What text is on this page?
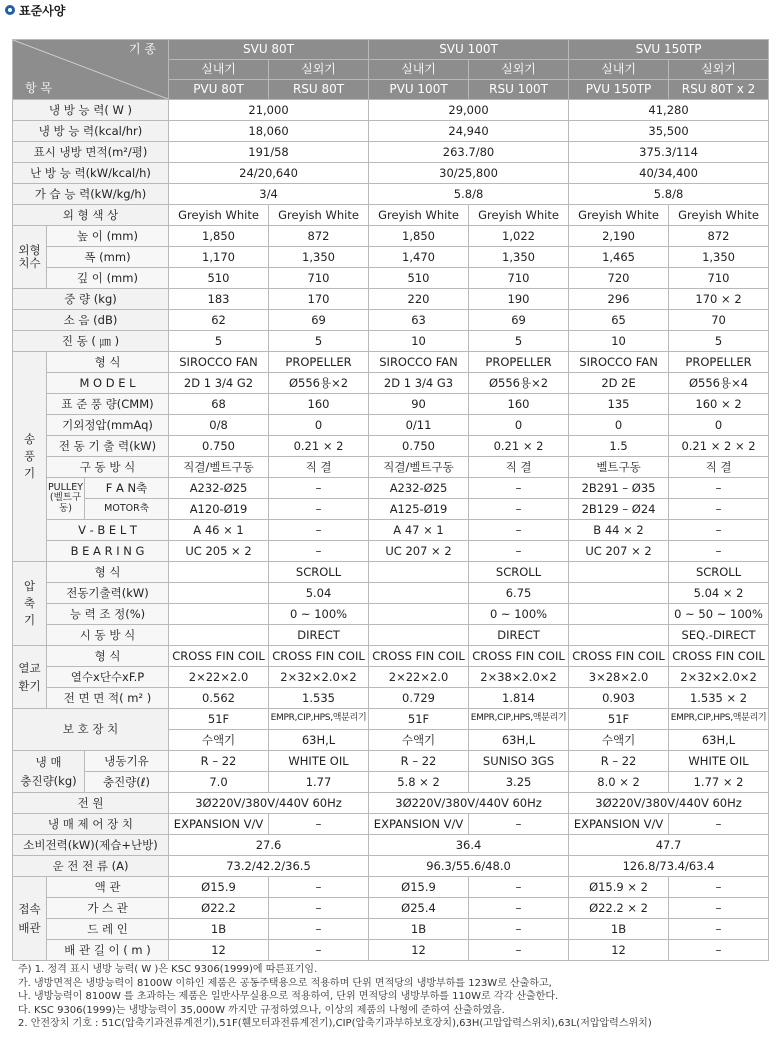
표준사양
기 종
항 목			SVU 80T		SVU 100T		SVU 150TP	
			실내기	실외기	실내기	실외기	실내기	실외기
			PVU 80T	RSU 80T	PVU 100T	RSU 100T	PVU 150TP	RSU 80T x 2
냉 방 능 력( W )			21,000		29,000		41,280	
냉 방 능 력(kcal/hr)			18,060		24,940		35,500	
표시 냉방 면적(m²/평)			191/58		263.7/80		375.3/114	
난 방 능 력(kW/kcal/h)			24/20,640		30/25,800		40/34,400	
가 습 능 력(kW/kg/h)			3/4		5.8/8		5.8/8	
외 형 색 상			Greyish White	Greyish White	Greyish White	Greyish White	Greyish White	Greyish White
외형
치수	높 이 (mm)		1,850	872	1,850	1,022	2,190	872
	폭 (mm)		1,170	1,350	1,470	1,350	1,465	1,350
	깊 이 (mm)		510	710	510	710	720	710
중 량 (kg)			183	170	220	190	296	170 × 2
소 음 (dB)			62	69	63	69	65	70
진 동 ( ㎛ )			5	5	10	5	10	5
송
풍
기	형 식		SIROCCO FAN	PROPELLER	SIROCCO FAN	PROPELLER	SIROCCO FAN	PROPELLER
	M O D E L		2D 1 3/4 G2	Ø556용×2	2D 1 3/4 G3	Ø556용×2	2D 2E	Ø556용×4
	표 준 풍 량(CMM)		68	160	90	160	135	160 × 2
	기외정압(mmAq)		0/8	0	0/11	0	0	0
	전 동 기 출 력(kW)		0.750	0.21 × 2	0.750	0.21 × 2	1.5	0.21 × 2 × 2
	구 동 방 식		직결/벨트구동	직 결	직결/벨트구동	직 결	벨트구동	직 결
	PULLEY
(벨트구동)	F A N축	A232-Ø25	–	A232-Ø25	–	2B291 – Ø35	–
		MOTOR축	A120-Ø19	–	A125-Ø19	–	2B129 – Ø24	–
	V - B E L T		A 46 × 1	–	A 47 × 1	–	B 44 × 2	–
	B E A R I N G		UC 205 × 2	–	UC 207 × 2	–	UC 207 × 2	–
압
축
기	형 식			SCROLL		SCROLL		SCROLL
	전동기출력(kW)			5.04		6.75		5.04 × 2
	능 력 조 정(%)			0 ~ 100%		0 ~ 100%		0 ~ 50 ~ 100%
	시 동 방 식			DIRECT		DIRECT		SEQ.-DIRECT
열교
환기	형 식		CROSS FIN COIL	CROSS FIN COIL	CROSS FIN COIL	CROSS FIN COIL	CROSS FIN COIL	CROSS FIN COIL
	열수x단수xF.P		2×22×2.0	2×32×2.0×2	2×22×2.0	2×38×2.0×2	3×28×2.0	2×32×2.0×2
	전 면 면 적( m² )		0.562	1.535	0.729	1.814	0.903	1.535 × 2
보 호 장 치			51F	EMPR,CIP,HPS,액분리기	51F	EMPR,CIP,HPS,액분리기	51F	EMPR,CIP,HPS,액분리기
			수액기	63H,L	수액기	63H,L	수액기	63H,L
냉 매
충진량(kg)		냉동기유	R – 22	WHITE OIL	R – 22	SUNISO 3GS	R – 22	WHITE OIL
		충진량(ℓ)	7.0	1.77	5.8 × 2	3.25	8.0 × 2	1.77 × 2
전 원			3Ø220V/380V/440V 60Hz		3Ø220V/380V/440V 60Hz		3Ø220V/380V/440V 60Hz	
냉 매 제 어 장 치			EXPANSION V/V	–	EXPANSION V/V	–	EXPANSION V/V	–
소비전력(kW)(제습+난방)			27.6		36.4		47.7	
운 전 전 류 (A)			73.2/42.2/36.5		96.3/55.6/48.0		126.8/73.4/63.4	
접속
배관	액 관		Ø15.9	–	Ø15.9	–	Ø15.9 × 2	–
	가 스 관		Ø22.2	–	Ø25.4	–	Ø22.2 × 2	–
	드 레 인		1B	–	1B	–	1B	–
	배 관 길 이 ( m )		12	–	12	–	12	–
주) 1. 정격 표시 냉방 능력( W )은 KSC 9306(1999)에 따른표기임.
가. 냉방면적은 냉방능력이 8100W 이하인 제품은 공동주택용으로 적용하며 단위 면적당의 냉방부하를 123W로 산출하고,
나. 냉방능력이 8100W 를 초과하는 제품은 일반사무실용으로 적용하여, 단위 면적당의 냉방부하를 110W로 각각 산출한다.
다. KSC 9306(1999)는 냉방능력이 35,000W 까지만 규정하였으나, 이상의 제품의 나형에 준하여 산출하였음.
2. 안전장치 기호 : 51C(압축기과전류계전기),51F(휀모터과전류계전기),CIP(압축기과부하보호장치),63H(고압압력스위치),63L(저압압력스위치)
